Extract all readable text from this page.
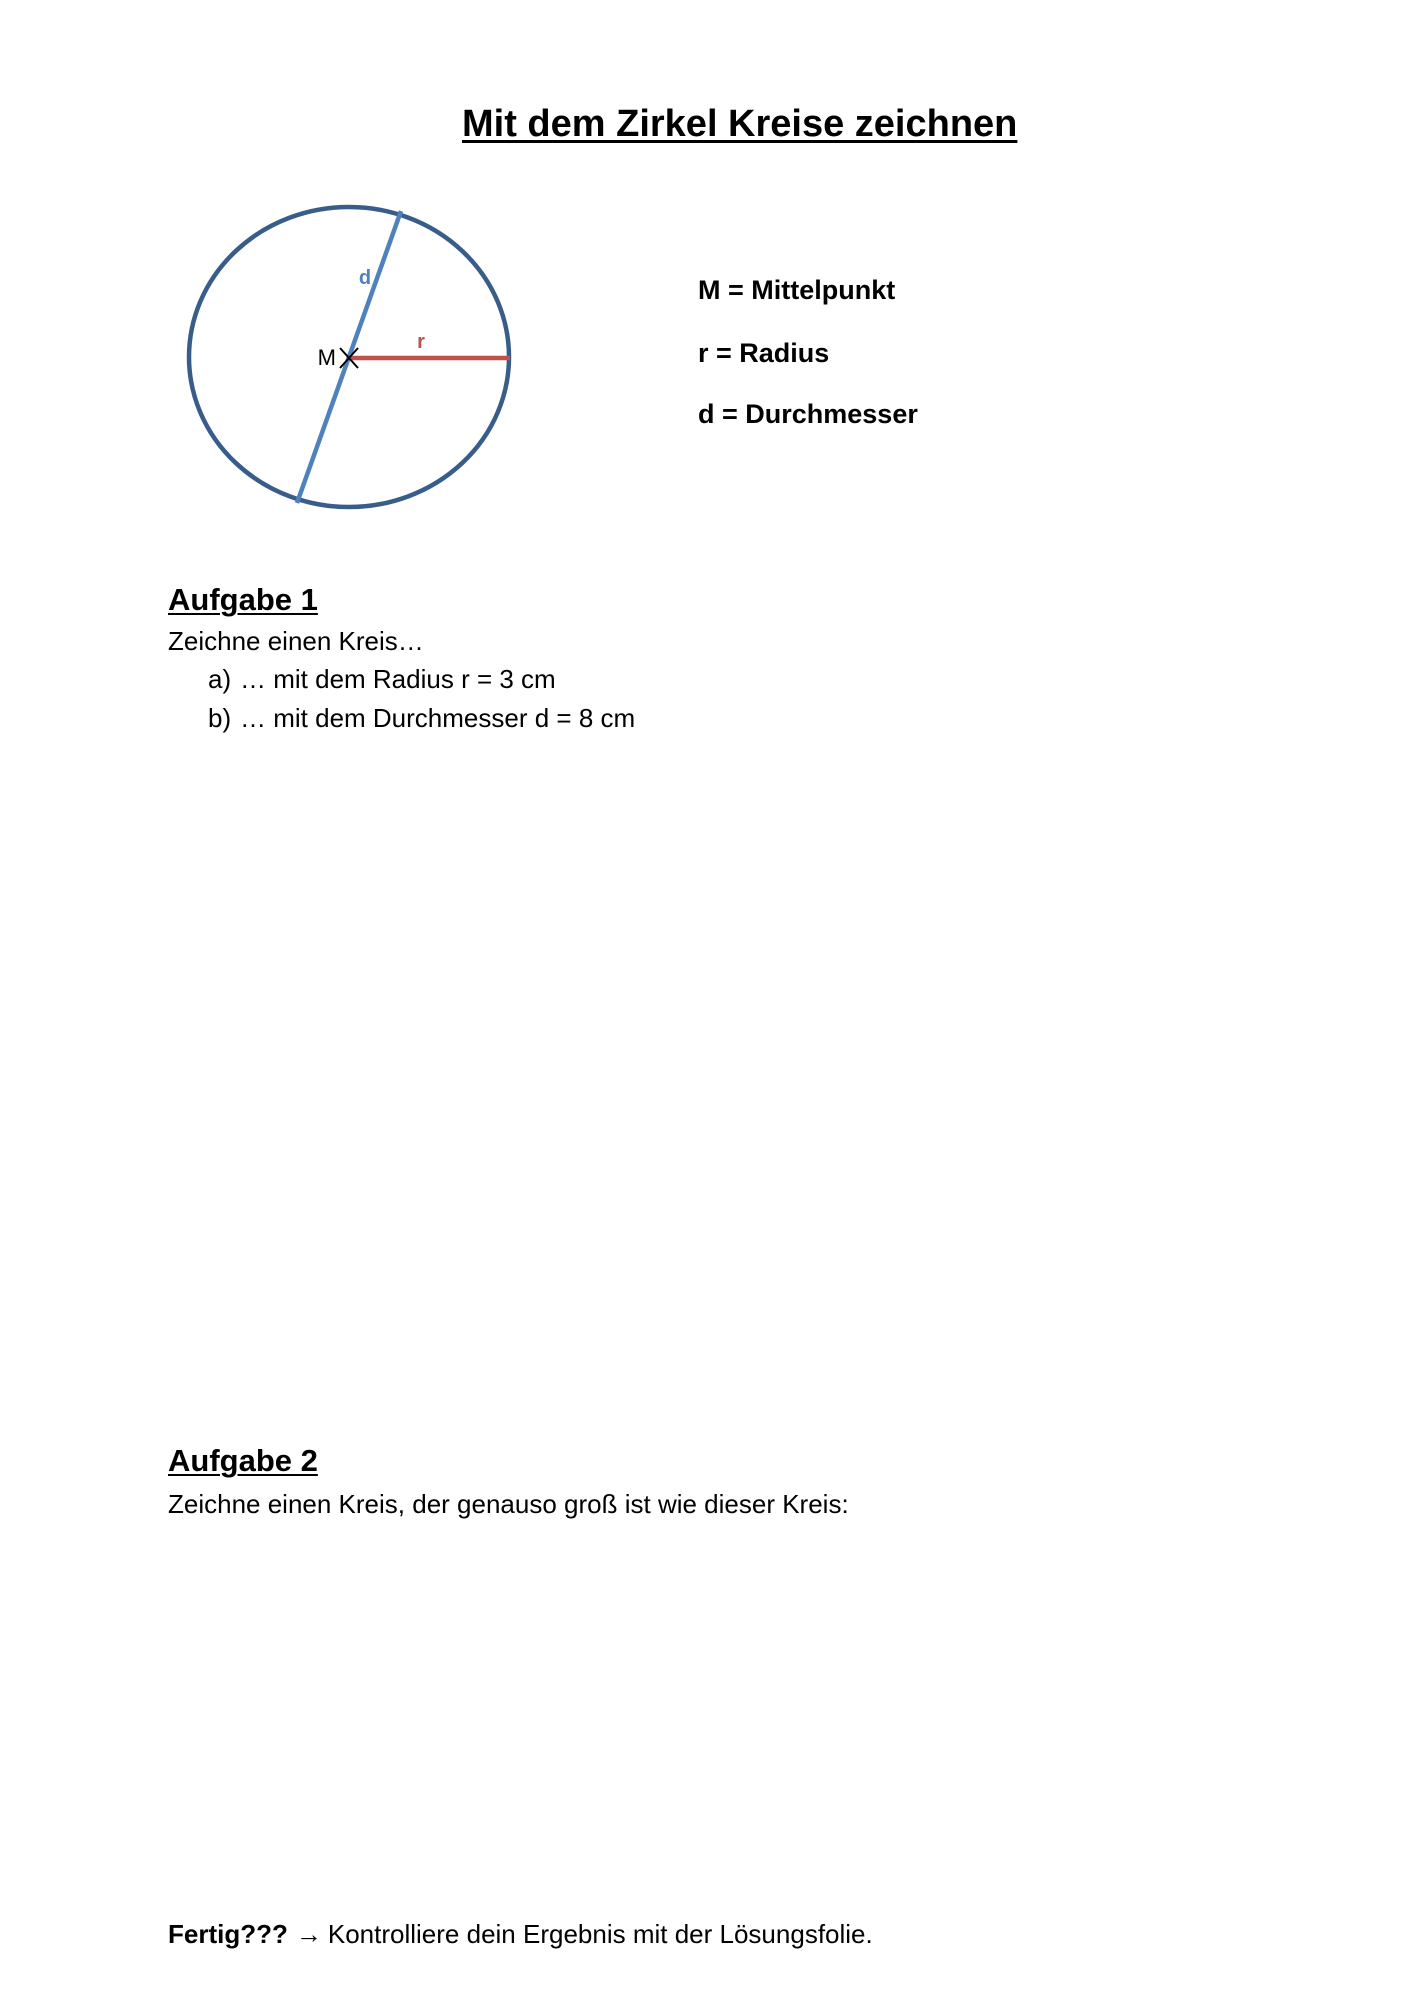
Mit dem Zirkel Kreise zeichnen
M
d
r
M = Mittelpunkt
r = Radius
d = Durchmesser
Aufgabe 1
Zeichne einen Kreis…
a) … mit dem Radius r = 3 cm
b) … mit dem Durchmesser d = 8 cm
Aufgabe 2
Zeichne einen Kreis, der genauso groß ist wie dieser Kreis:
Fertig??? → Kontrolliere dein Ergebnis mit der Lösungsfolie.
